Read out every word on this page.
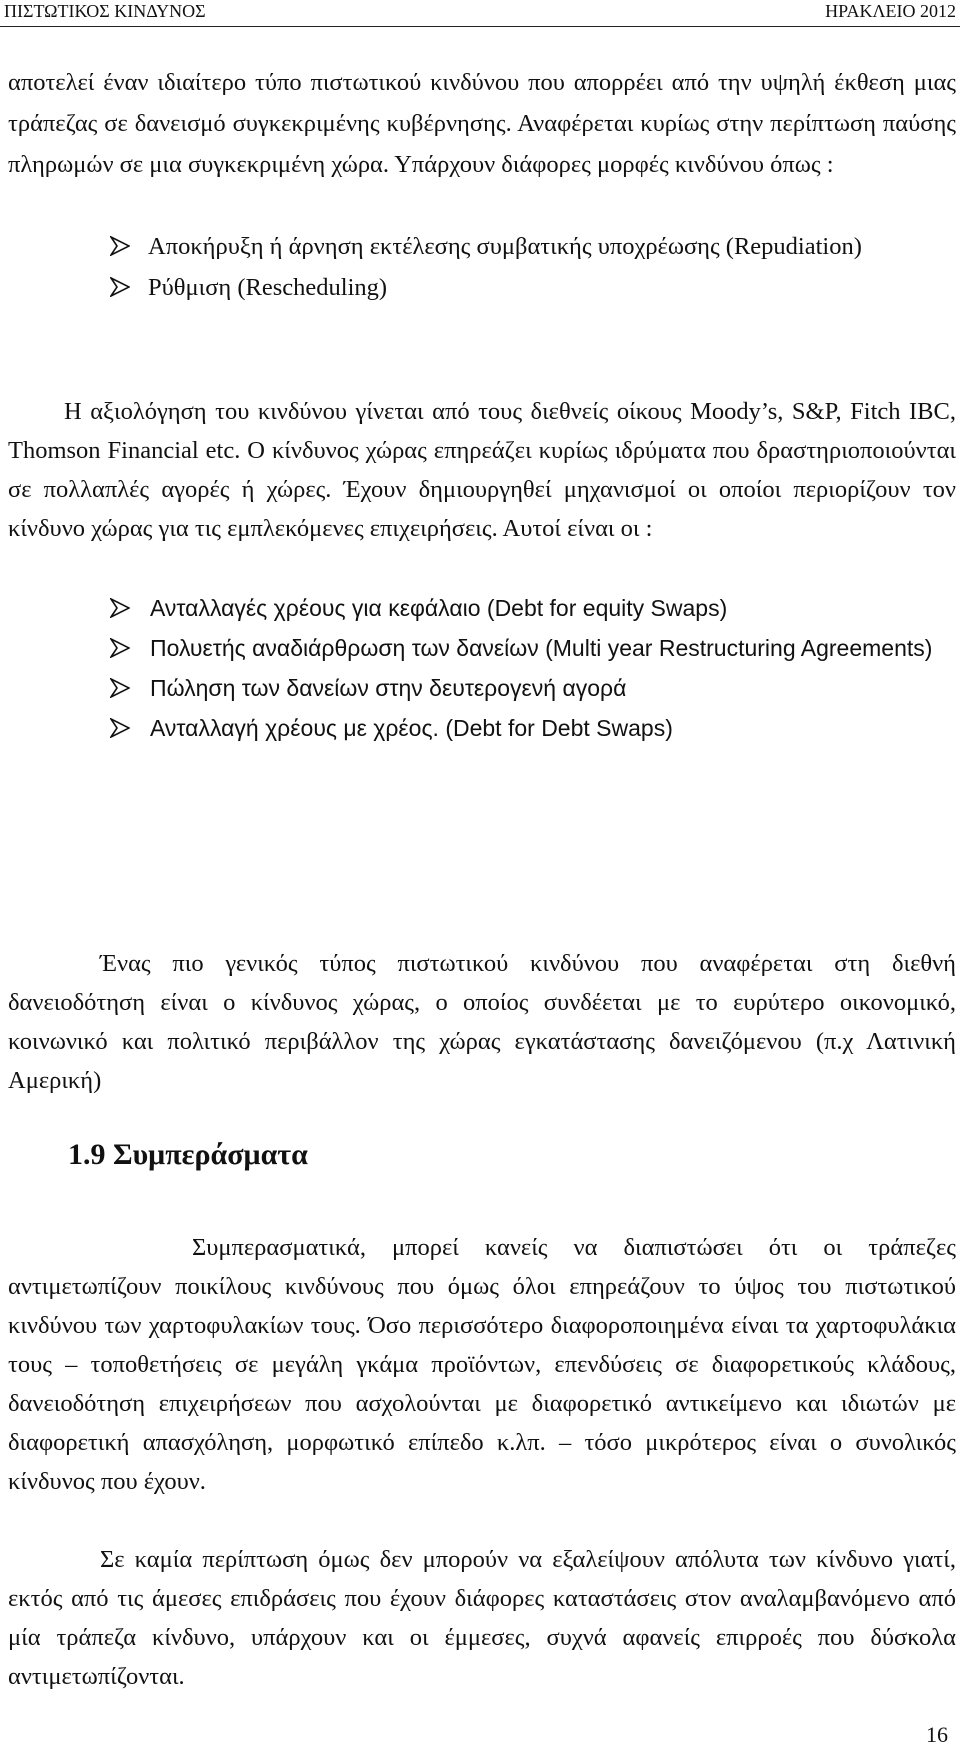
ΠΙΣΤΩΤΙΚΟΣ ΚΙΝΔΥΝΟΣ	ΗΡΑΚΛΕΙΟ 2012

αποτελεί έναν ιδιαίτερο τύπο πιστωτικού κινδύνου που απορρέει από την υψηλή έκθεση μιας τράπεζας σε δανεισμό συγκεκριμένης κυβέρνησης. Αναφέρεται κυρίως στην περίπτωση παύσης πληρωμών σε μια συγκεκριμένη χώρα. Υπάρχουν διάφορες μορφές κινδύνου όπως :

Αποκήρυξη ή άρνηση εκτέλεσης συμβατικής υποχρέωσης (Repudiation)
Ρύθμιση (Rescheduling)

Η αξιολόγηση του κινδύνου γίνεται από τους διεθνείς οίκους Moody’s, S&P, Fitch IBC, Thomson Financial etc. Ο κίνδυνος χώρας επηρεάζει κυρίως ιδρύματα που δραστηριοποιούνται σε πολλαπλές αγορές ή χώρες. Έχουν δημιουργηθεί μηχανισμοί οι οποίοι περιορίζουν τον κίνδυνο χώρας για τις εμπλεκόμενες επιχειρήσεις. Αυτοί είναι οι :

Ανταλλαγές χρέους για κεφάλαιο (Debt for equity Swaps)
Πολυετής αναδιάρθρωση των δανείων (Multi year Restructuring Agreements)
Πώληση των δανείων στην δευτερογενή αγορά
Ανταλλαγή χρέους με χρέος. (Debt for Debt Swaps)

Ένας πιο γενικός τύπος πιστωτικού κινδύνου που αναφέρεται στη διεθνή δανειοδότηση είναι ο κίνδυνος χώρας, ο οποίος συνδέεται με το ευρύτερο οικονομικό, κοινωνικό και πολιτικό περιβάλλον της χώρας εγκατάστασης δανειζόμενου (π.χ Λατινική Αμερική)

1.9 Συμπεράσματα

Συμπερασματικά, μπορεί κανείς να διαπιστώσει ότι οι τράπεζες αντιμετωπίζουν ποικίλους κινδύνους που όμως όλοι επηρεάζουν το ύψος του πιστωτικού κινδύνου των χαρτοφυλακίων τους. Όσο περισσότερο διαφοροποιημένα είναι τα χαρτοφυλάκια τους – τοποθετήσεις σε μεγάλη γκάμα προϊόντων, επενδύσεις σε διαφορετικούς κλάδους, δανειοδότηση επιχειρήσεων που ασχολούνται με διαφορετικό αντικείμενο και ιδιωτών με διαφορετική απασχόληση, μορφωτικό επίπεδο κ.λπ. – τόσο μικρότερος είναι ο συνολικός κίνδυνος που έχουν.

Σε καμία περίπτωση όμως δεν μπορούν να εξαλείψουν απόλυτα των κίνδυνο γιατί, εκτός από τις άμεσες επιδράσεις που έχουν διάφορες καταστάσεις στον αναλαμβανόμενο από μία τράπεζα κίνδυνο, υπάρχουν και οι έμμεσες, συχνά αφανείς επιρροές που δύσκολα αντιμετωπίζονται.

16
